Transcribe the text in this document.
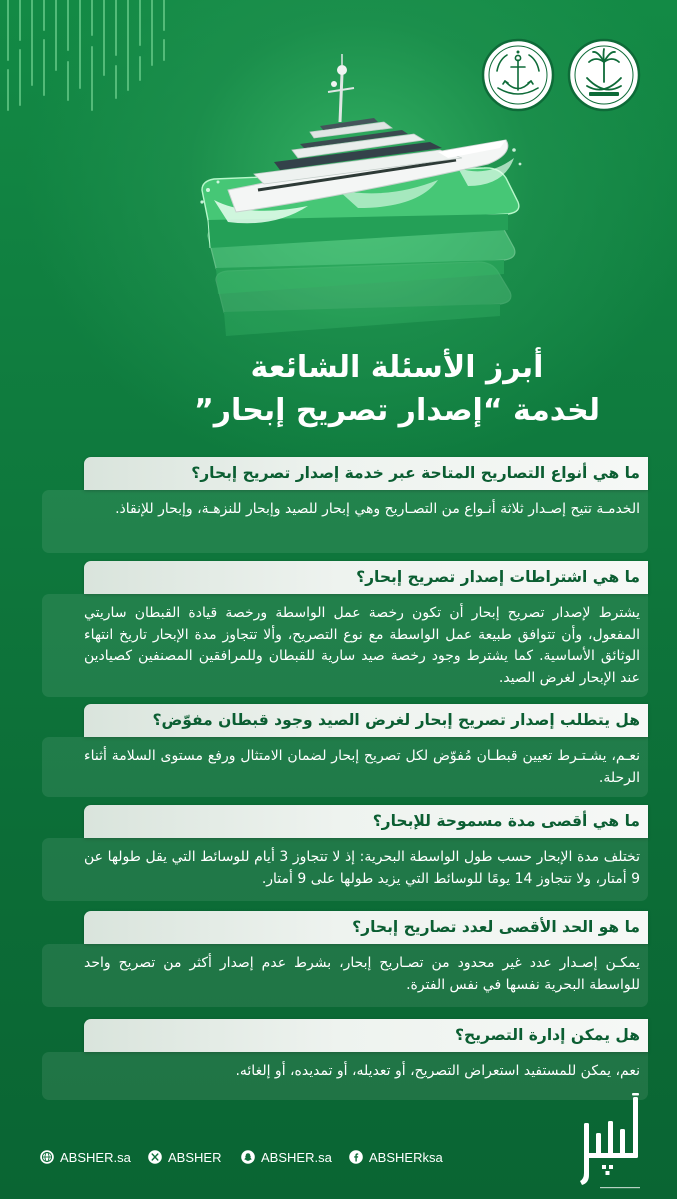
أبرز الأسئلة الشائعة
لخدمة “إصدار تصريح إبحار”
ما هي أنواع التصاريح المتاحة عبر خدمة إصدار تصريح إبحار؟
الخدمـة تتيح إصـدار ثلاثة أنـواع من التصـاريح وهي إبحار للصيد وإبحار للنزهـة، وإبحار للإنقاذ.
ما هي اشتراطات إصدار تصريح إبحار؟
يشترط لإصدار تصريح إبحار أن تكون رخصة عمل الواسطة ورخصة قيادة القبطان ساريتي المفعول، وأن تتوافق طبيعة عمل الواسطة مع نوع التصريح، وألا تتجاوز مدة الإبحار تاريخ انتهاء الوثائق الأساسية. كما يشترط وجود رخصة صيد سارية للقبطان وللمرافقين المصنفين كصيادين عند الإبحار لغرض الصيد.
هل يتطلب إصدار تصريح إبحار لغرض الصيد وجود قبطان مفوّض؟
نعـم، يشـتـرط تعيين قبطـان مُفوّض لكل تصريح إبحار لضمان الامتثال ورفع مستوى السلامة أثناء الرحلة.
ما هي أقصى مدة مسموحة للإبحار؟
تختلف مدة الإبحار حسب طول الواسطة البحرية: إذ لا تتجاوز 3 أيام للوسائط التي يقل طولها عن 9 أمتار، ولا تتجاوز 14 يومًا للوسائط التي يزيد طولها على 9 أمتار.
ما هو الحد الأقصى لعدد تصاريح إبحار؟
يمكـن إصـدار عدد غير محدود من تصـاريح إبحار، بشرط عدم إصدار أكثر من تصريح واحد للواسطة البحرية نفسها في نفس الفترة.
هل يمكن إدارة التصريح؟
نعم، يمكن للمستفيد استعراض التصريح، أو تعديله، أو تمديده، أو إلغائه.
ABSHER.sa	ABSHER	ABSHER.sa	ABSHERksa
